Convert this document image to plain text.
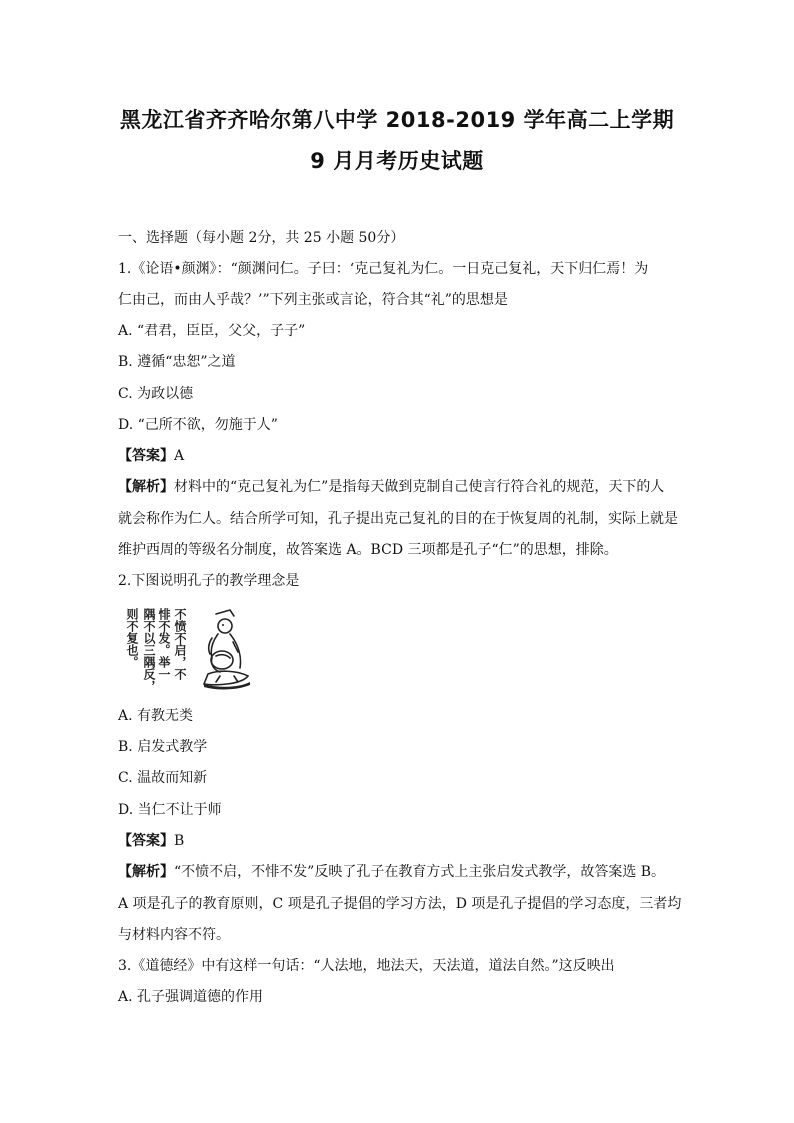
黑龙江省齐齐哈尔第八中学 2018-2019 学年高二上学期
9 月月考历史试题
一、选择题（每小题 2分，共 25 小题 50分）
1.《论语•颜渊》：“颜渊问仁。子曰：‘克己复礼为仁。一日克己复礼，天下归仁焉！为
仁由己，而由人乎哉？’”下列主张或言论，符合其“礼”的思想是
A. “君君，臣臣，父父，子子”
B. 遵循“忠恕”之道
C. 为政以德
D. “己所不欲，勿施于人”
【答案】A
【解析】材料中的“克己复礼为仁”是指每天做到克制自己使言行符合礼的规范，天下的人
就会称作为仁人。结合所学可知，孔子提出克己复礼的目的在于恢复周的礼制，实际上就是
维护西周的等级名分制度，故答案选 A。BCD 三项都是孔子“仁”的思想，排除。
2.下图说明孔子的教学理念是
不愤不启，不
悱不发。举一
隅不以三隅反，
则不复也。
A. 有教无类
B. 启发式教学
C. 温故而知新
D. 当仁不让于师
【答案】B
【解析】“不愤不启，不悱不发”反映了孔子在教育方式上主张启发式教学，故答案选 B。
A 项是孔子的教育原则，C 项是孔子提倡的学习方法，D 项是孔子提倡的学习态度，三者均
与材料内容不符。
3.《道德经》中有这样一句话：“人法地，地法天，天法道，道法自然。”这反映出
A. 孔子强调道德的作用
